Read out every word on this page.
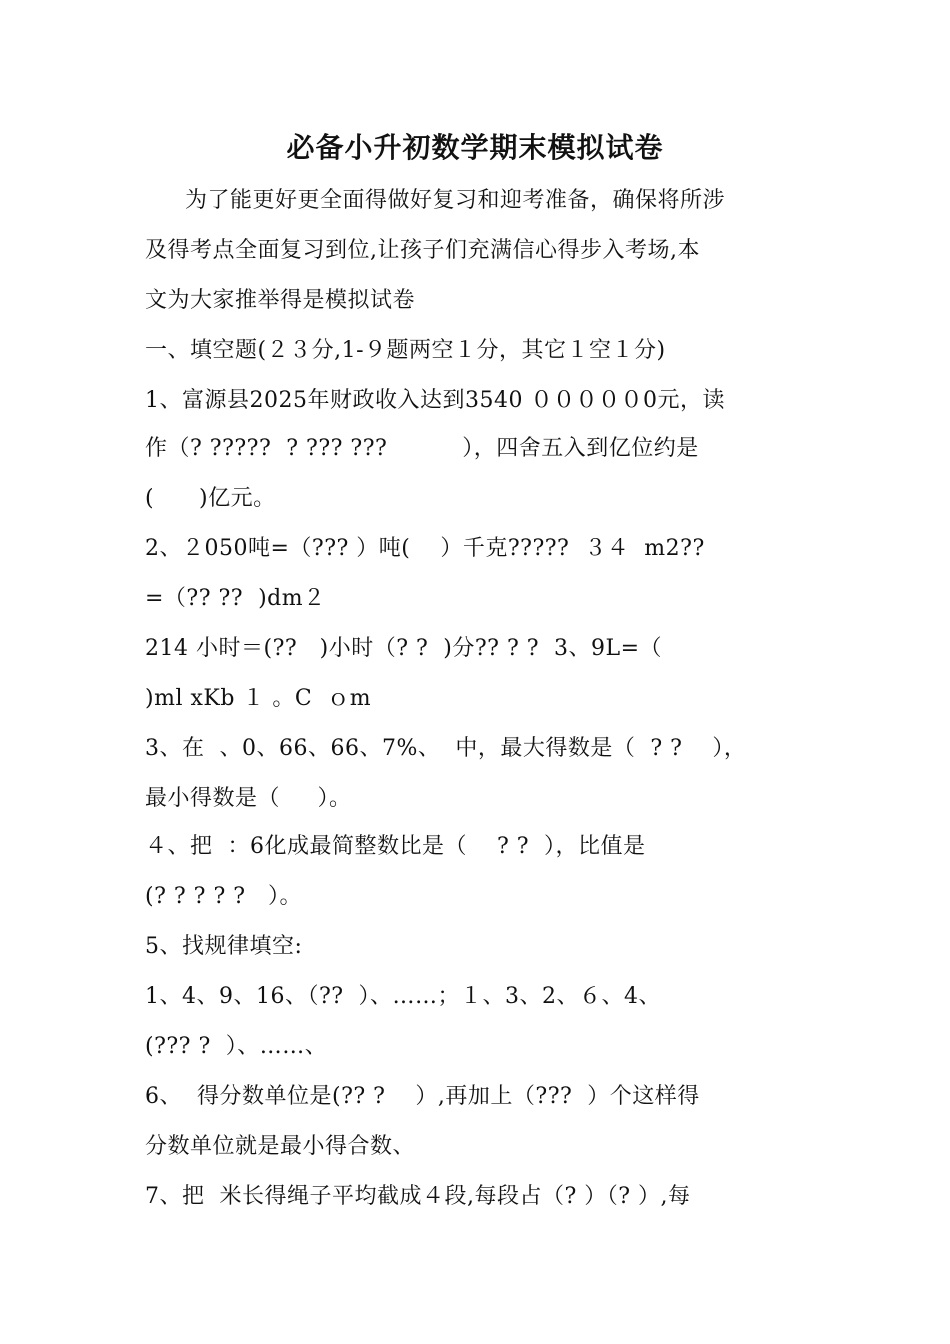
必备小升初数学期末模拟试卷
为了能更好更全面得做好复习和迎考准备，确保将所涉
及得考点全面复习到位,让孩子们充满信心得步入考场,本
文为大家推举得是模拟试卷
一、填空题(２３分,1-９题两空１分，其它１空１分)
1、富源县2025年财政收入达到3540 ０００００0元，读
作（? ?????  ? ??? ???          ），四舍五入到亿位约是
(      )亿元。
2、２050吨=（??? ）吨(    ）千克?????  ３４  m2??
=（?? ??  )dm２
214 小时＝(??   )小时（? ?  )分?? ? ?  3、9L=（
)ml xKb １ 。C  ｏm
3、在  、0、66、66、7%、  中，最大得数是（  ? ?    ），
最小得数是（     ）。
４、把  ：6化成最简整数比是（    ? ?  ），比值是
(? ? ? ? ?   ）。
5、找规律填空:
1、4、9、16、（??  ）、……；１、3、2、６、4、
(??? ?  ）、……、
6、  得分数单位是(?? ?    ）,再加上（???  ）个这样得
分数单位就是最小得合数、
7、把  米长得绳子平均截成４段,每段占（? ）（? ）,每
